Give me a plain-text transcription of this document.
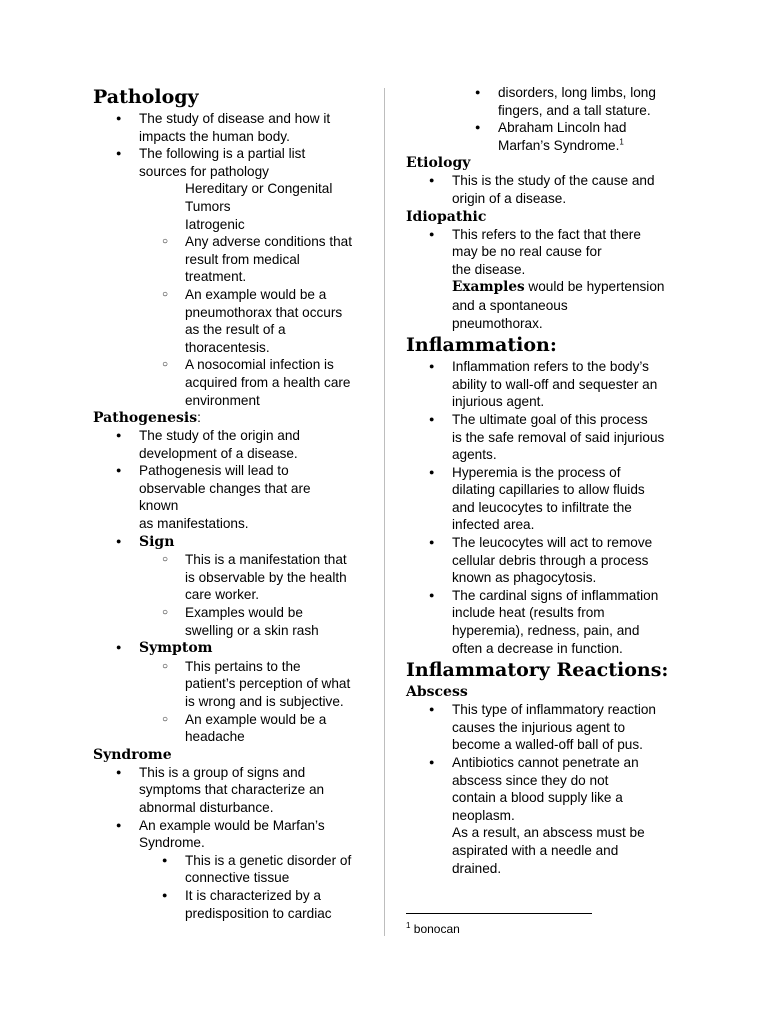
Pathology
● The study of disease and how it
impacts the human body.
● The following is a partial list
sources for pathology
Hereditary or Congenital
Tumors
Iatrogenic
○ Any adverse conditions that
result from medical
treatment.
○ An example would be a
pneumothorax that occurs
as the result of a
thoracentesis.
○ A nosocomial infection is
acquired from a health care
environment
Pathogenesis:
● The study of the origin and
development of a disease.
● Pathogenesis will lead to
observable changes that are
known
as manifestations.
● Sign
○ This is a manifestation that
is observable by the health
care worker.
○ Examples would be
swelling or a skin rash
● Symptom
○ This pertains to the
patient’s perception of what
is wrong and is subjective.
○ An example would be a
headache
Syndrome
● This is a group of signs and
symptoms that characterize an
abnormal disturbance.
● An example would be Marfan’s
Syndrome.
● This is a genetic disorder of
connective tissue
● It is characterized by a
predisposition to cardiac
● disorders, long limbs, long
fingers, and a tall stature.
● Abraham Lincoln had
Marfan’s Syndrome.$^1$
Etiology
● This is the study of the cause and
origin of a disease.
Idiopathic
● This refers to the fact that there
may be no real cause for
the disease.
Examples would be hypertension
and a spontaneous
pneumothorax.
Inflammation:
● Inflammation refers to the body’s
ability to wall-off and sequester an
injurious agent.
● The ultimate goal of this process
is the safe removal of said injurious
agents.
● Hyperemia is the process of
dilating capillaries to allow fluids
and leucocytes to infiltrate the
infected area.
● The leucocytes will act to remove
cellular debris through a process
known as phagocytosis.
● The cardinal signs of inflammation
include heat (results from
hyperemia), redness, pain, and
often a decrease in function.
Inflammatory Reactions:
Abscess
● This type of inflammatory reaction
causes the injurious agent to
become a walled-off ball of pus.
● Antibiotics cannot penetrate an
abscess since they do not
contain a blood supply like a
neoplasm.
As a result, an abscess must be
aspirated with a needle and
drained.
$^1$ bonocan
